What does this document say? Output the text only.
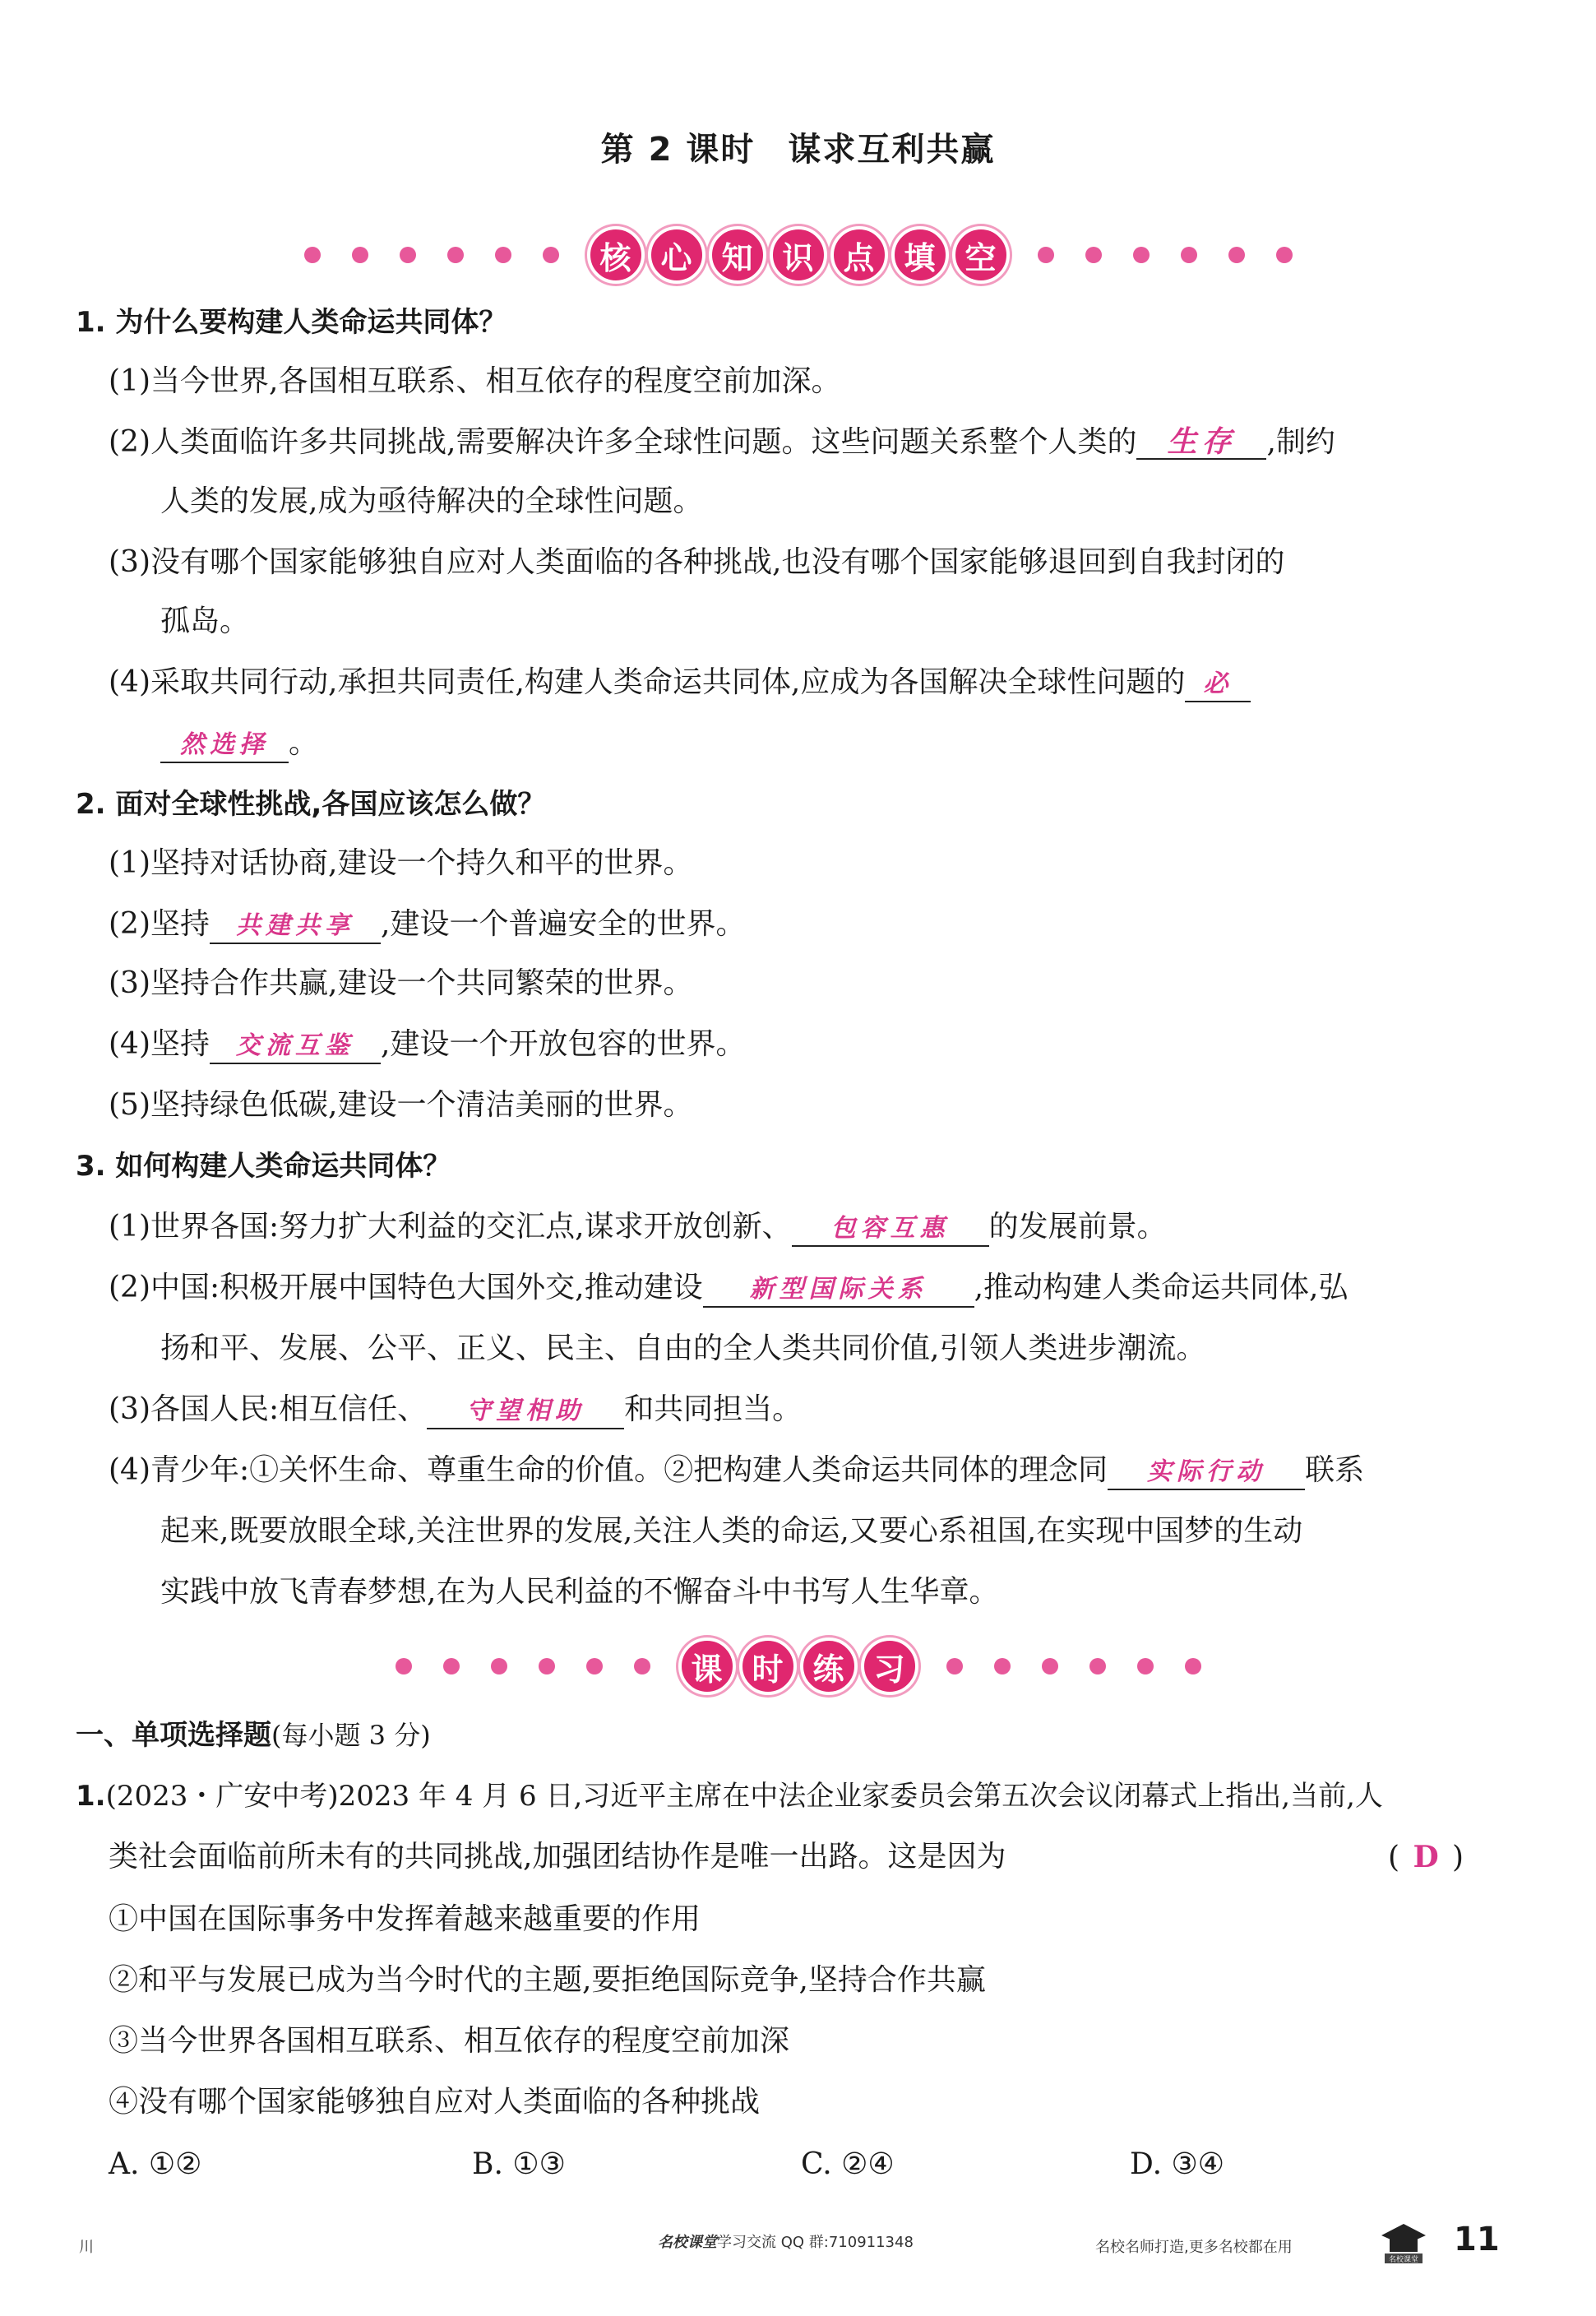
第 2 课时 谋求互利共赢
核 心 知 识 点 填 空
1. 为什么要构建人类命运共同体？
(1)当今世界,各国相互联系、相互依存的程度空前加深。
(2)人类面临许多共同挑战,需要解决许多全球性问题。这些问题关系整个人类的 生存 ,制约
人类的发展,成为亟待解决的全球性问题。
(3)没有哪个国家能够独自应对人类面临的各种挑战,也没有哪个国家能够退回到自我封闭的
孤岛。
(4)采取共同行动,承担共同责任,构建人类命运共同体,应成为各国解决全球性问题的 必
然选择 。
2. 面对全球性挑战,各国应该怎么做？
(1)坚持对话协商,建设一个持久和平的世界。
(2)坚持 共建共享 ,建设一个普遍安全的世界。
(3)坚持合作共赢,建设一个共同繁荣的世界。
(4)坚持 交流互鉴 ,建设一个开放包容的世界。
(5)坚持绿色低碳,建设一个清洁美丽的世界。
3. 如何构建人类命运共同体？
(1)世界各国:努力扩大利益的交汇点,谋求开放创新、 包容互惠 的发展前景。
(2)中国:积极开展中国特色大国外交,推动建设 新型国际关系 ,推动构建人类命运共同体,弘
扬和平、发展、公平、正义、民主、自由的全人类共同价值,引领人类进步潮流。
(3)各国人民:相互信任、 守望相助 和共同担当。
(4)青少年:①关怀生命、尊重生命的价值。②把构建人类命运共同体的理念同 实际行动 联系
起来,既要放眼全球,关注世界的发展,关注人类的命运,又要心系祖国,在实现中国梦的生动
实践中放飞青春梦想,在为人民利益的不懈奋斗中书写人生华章。
课 时 练 习
一、单项选择题(每小题 3 分)
1.(2023・广安中考)2023 年 4 月 6 日,习近平主席在中法企业家委员会第五次会议闭幕式上指出,当前,人
类社会面临前所未有的共同挑战,加强团结协作是唯一出路。这是因为	( D )
①中国在国际事务中发挥着越来越重要的作用
②和平与发展已成为当今时代的主题,要拒绝国际竞争,坚持合作共赢
③当今世界各国相互联系、相互依存的程度空前加深
④没有哪个国家能够独自应对人类面临的各种挑战
A. ①②	B. ①③	C. ②④	D. ③④
川	名校课堂学习交流 QQ 群:710911348	名校名师打造,更多名校都在用
名校课堂
11
